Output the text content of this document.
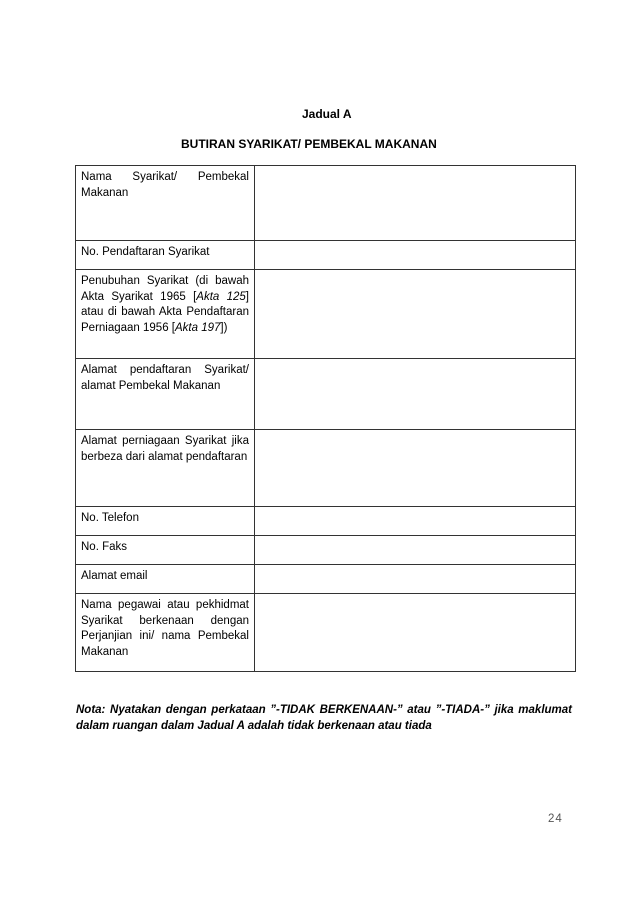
Jadual A
BUTIRAN SYARIKAT/ PEMBEKAL MAKANAN
Nama Syarikat/ Pembekal Makanan	
No. Pendaftaran Syarikat	
Penubuhan Syarikat (di bawah Akta Syarikat 1965 [Akta 125] atau di bawah Akta Pendaftaran Perniagaan 1956 [Akta 197])	
Alamat pendaftaran Syarikat/ alamat Pembekal Makanan	
Alamat perniagaan Syarikat jika berbeza dari alamat pendaftaran	
No. Telefon	
No. Faks	
Alamat email	
Nama pegawai atau pekhidmat Syarikat berkenaan dengan Perjanjian ini/ nama Pembekal Makanan	
Nota: Nyatakan dengan perkataan ”-TIDAK BERKENAAN-” atau ”-TIADA-” jika maklumat dalam ruangan dalam Jadual A adalah tidak berkenaan atau tiada
24
